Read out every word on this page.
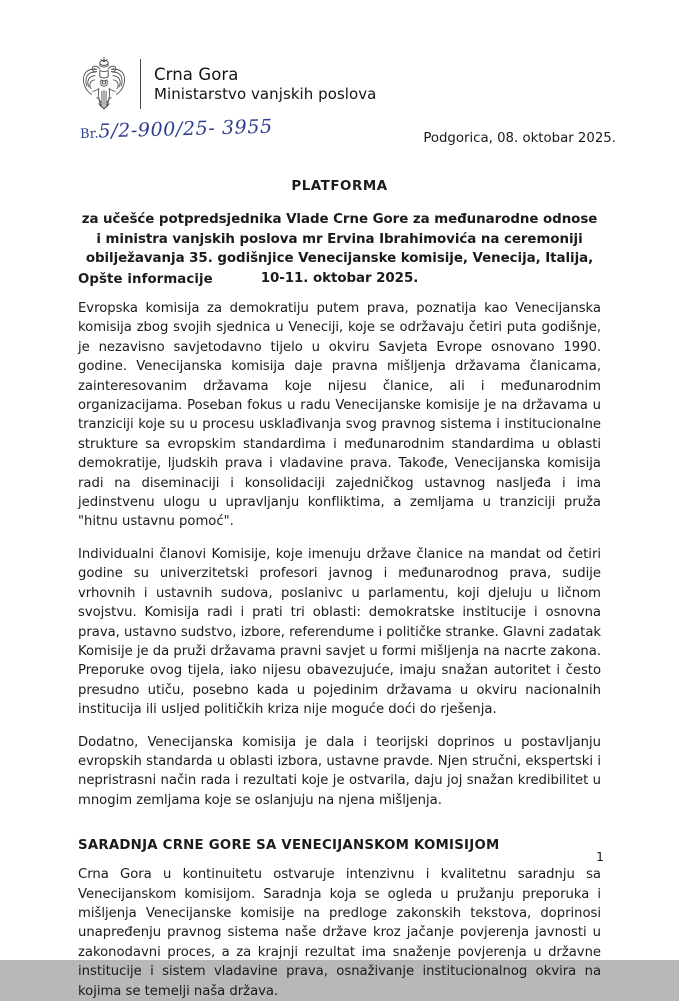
Crna Gora
Ministarstvo vanjskih poslova
Br.5/2-900/25- 3955	Podgorica, 08. oktobar 2025.
PLATFORMA
za učešće potpredsjednika Vlade Crne Gore za međunarodne odnose i ministra vanjskih poslova mr Ervina Ibrahimovića na ceremoniji obilježavanja 35. godišnjice Venecijanske komisije, Venecija, Italija, 10-11. oktobar 2025.
Opšte informacije

Evropska komisija za demokratiju putem prava, poznatija kao Venecijanska komisija zbog svojih sjednica u Veneciji, koje se održavaju četiri puta godišnje, je nezavisno savjetodavno tijelo u okviru Savjeta Evrope osnovano 1990. godine. Venecijanska komisija daje pravna mišljenja državama članicama, zainteresovanim državama koje nijesu članice, ali i međunarodnim organizacijama. Poseban fokus u radu Venecijanske komisije je na državama u tranziciji koje su u procesu usklađivanja svog pravnog sistema i institucionalne strukture sa evropskim standardima i međunarodnim standardima u oblasti demokratije, ljudskih prava i vladavine prava. Takođe, Venecijanska komisija radi na diseminaciji i konsolidaciji zajedničkog ustavnog nasljeđa i ima jedinstvenu ulogu u upravljanju konfliktima, a zemljama u tranziciji pruža "hitnu ustavnu pomoć".

Individualni članovi Komisije, koje imenuju države članice na mandat od četiri godine su univerzitetski profesori javnog i međunarodnog prava, sudije vrhovnih i ustavnih sudova, poslanivc u parlamentu, koji djeluju u ličnom svojstvu. Komisija radi i prati tri oblasti: demokratske institucije i osnovna prava, ustavno sudstvo, izbore, referendume i političke stranke. Glavni zadatak Komisije je da pruži državama pravni savjet u formi mišljenja na nacrte zakona. Preporuke ovog tijela, iako nijesu obavezujuće, imaju snažan autoritet i često presudno utiču, posebno kada u pojedinim državama u okviru nacionalnih institucija ili usljed političkih kriza nije moguće doći do rješenja.

Dodatno, Venecijanska komisija je dala i teorijski doprinos u postavljanju evropskih standarda u oblasti izbora, ustavne pravde. Njen stručni, ekspertski i nepristrasni način rada i rezultati koje je ostvarila, daju joj snažan kredibilitet u mnogim zemljama koje se oslanjuju na njena mišljenja.

SARADNJA CRNE GORE SA VENECIJANSKOM KOMISIJOM

Crna Gora u kontinuitetu ostvaruje intenzivnu i kvalitetnu saradnju sa Venecijanskom komisijom. Saradnja koja se ogleda u pružanju preporuka i mišljenja Venecijanske komisije na predloge zakonskih tekstova, doprinosi unapređenju pravnog sistema naše države kroz jačanje povjerenja javnosti u zakonodavni proces, a za krajnji rezultat ima snaženje povjerenja u državne institucije i sistem vladavine prava, osnaživanje institucionalnog okvira na kojima se temelji naša država.

1
